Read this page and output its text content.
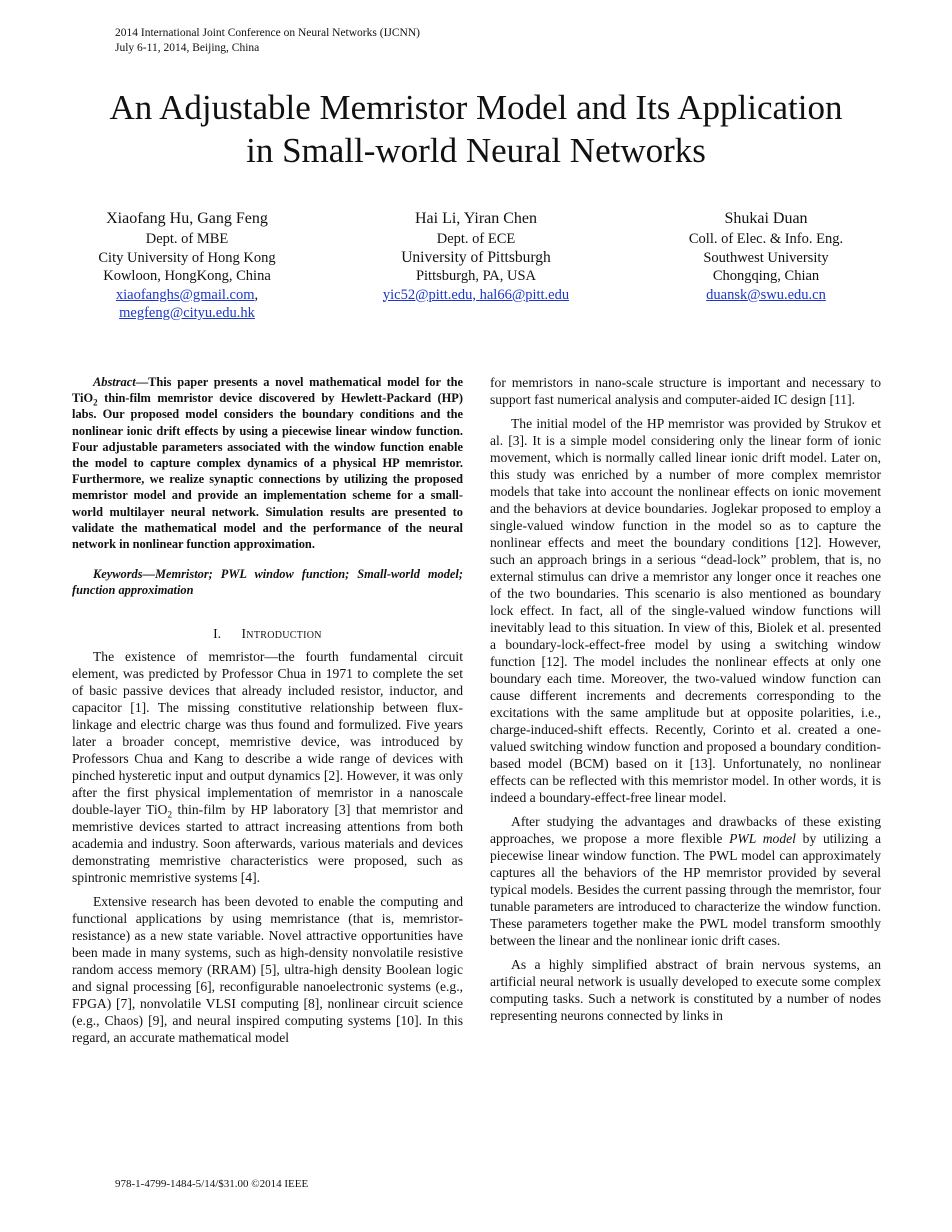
2014 International Joint Conference on Neural Networks (IJCNN)
July 6-11, 2014, Beijing, China
An Adjustable Memristor Model and Its Application
in Small-world Neural Networks
Xiaofang Hu, Gang Feng
Dept. of MBE
City University of Hong Kong
Kowloon, HongKong, China
xiaofanghs@gmail.com,
megfeng@cityu.edu.hk
Hai Li, Yiran Chen
Dept. of ECE
University of Pittsburgh
Pittsburgh, PA, USA
yic52@pitt.edu, hal66@pitt.edu
Shukai Duan
Coll. of Elec. & Info. Eng.
Southwest University
Chongqing, Chian
duansk@swu.edu.cn
Abstract—This paper presents a novel mathematical model for the TiO$_2$ thin-film memristor device discovered by Hewlett-Packard (HP) labs. Our proposed model considers the boundary conditions and the nonlinear ionic drift effects by using a piecewise linear window function. Four adjustable parameters associated with the window function enable the model to capture complex dynamics of a physical HP memristor. Furthermore, we realize synaptic connections by utilizing the proposed memristor model and provide an implementation scheme for a small-world multilayer neural network. Simulation results are presented to validate the mathematical model and the performance of the neural network in nonlinear function approximation.
Keywords—Memristor; PWL window function; Small-world model; function approximation
I. Introduction

The existence of memristor—the fourth fundamental circuit element, was predicted by Professor Chua in 1971 to complete the set of basic passive devices that already included resistor, inductor, and capacitor [1]. The missing constitutive relationship between flux-linkage and electric charge was thus found and formulized. Five years later a broader concept, memristive device, was introduced by Professors Chua and Kang to describe a wide range of devices with pinched hysteretic input and output dynamics [2]. However, it was only after the first physical implementation of memristor in a nanoscale double-layer TiO$_2$ thin-film by HP laboratory [3] that memristor and memristive devices started to attract increasing attentions from both academia and industry. Soon afterwards, various materials and devices demonstrating memristive characteristics were proposed, such as spintronic memristive systems [4].

Extensive research has been devoted to enable the computing and functional applications by using memristance (that is, memristor-resistance) as a new state variable. Novel attractive opportunities have been made in many systems, such as high-density nonvolatile resistive random access memory (RRAM) [5], ultra-high density Boolean logic and signal processing [6], reconfigurable nanoelectronic systems (e.g., FPGA) [7], nonvolatile VLSI computing [8], nonlinear circuit science (e.g., Chaos) [9], and neural inspired computing systems [10]. In this regard, an accurate mathematical model

for memristors in nano-scale structure is important and necessary to support fast numerical analysis and computer-aided IC design [11].

The initial model of the HP memristor was provided by Strukov et al. [3]. It is a simple model considering only the linear form of ionic movement, which is normally called linear ionic drift model. Later on, this study was enriched by a number of more complex memristor models that take into account the nonlinear effects on ionic movement and the behaviors at device boundaries. Joglekar proposed to employ a single-valued window function in the model so as to capture the nonlinear effects and meet the boundary conditions [12]. However, such an approach brings in a serious “dead-lock” problem, that is, no external stimulus can drive a memristor any longer once it reaches one of the two boundaries. This scenario is also mentioned as boundary lock effect. In fact, all of the single-valued window functions will inevitably lead to this situation. In view of this, Biolek et al. presented a boundary-lock-effect-free model by using a switching window function [12]. The model includes the nonlinear effects at only one boundary each time. Moreover, the two-valued window function can cause different increments and decrements corresponding to the excitations with the same amplitude but at opposite polarities, i.e., charge-induced-shift effects. Recently, Corinto et al. created a one-valued switching window function and proposed a boundary condition-based model (BCM) based on it [13]. Unfortunately, no nonlinear effects can be reflected with this memristor model. In other words, it is indeed a boundary-effect-free linear model.

After studying the advantages and drawbacks of these existing approaches, we propose a more flexible PWL model by utilizing a piecewise linear window function. The PWL model can approximately captures all the behaviors of the HP memristor provided by several typical models. Besides the current passing through the memristor, four tunable parameters are introduced to characterize the window function. These parameters together make the PWL model transform smoothly between the linear and the nonlinear ionic drift cases.

As a highly simplified abstract of brain nervous systems, an artificial neural network is usually developed to execute some complex computing tasks. Such a network is constituted by a number of nodes representing neurons connected by links in

978-1-4799-1484-5/14/$31.00 ©2014 IEEE
